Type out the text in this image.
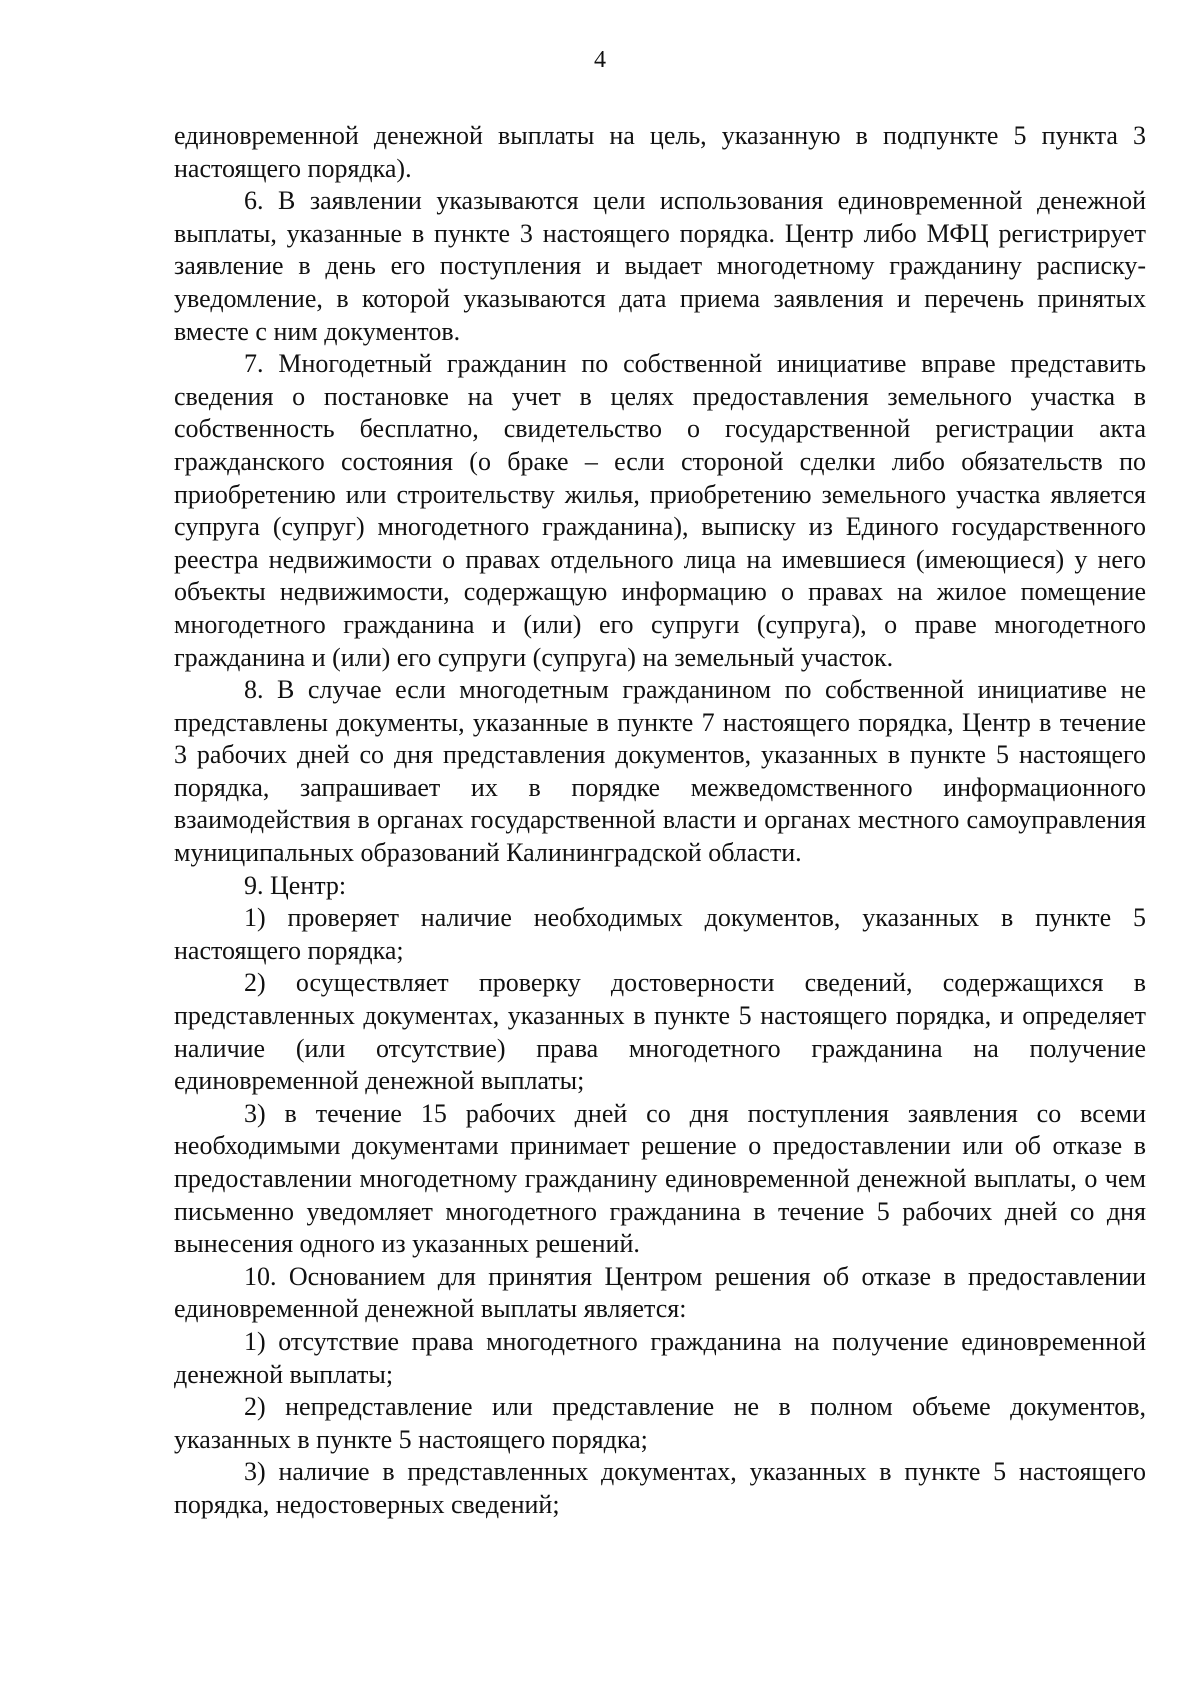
4

единовременной денежной выплаты на цель, указанную в подпункте 5 пункта 3 настоящего порядка).

6. В заявлении указываются цели использования единовременной денежной выплаты, указанные в пункте 3 настоящего порядка. Центр либо МФЦ регистрирует заявление в день его поступления и выдает многодетному гражданину расписку-уведомление, в которой указываются дата приема заявления и перечень принятых вместе с ним документов.

7. Многодетный гражданин по собственной инициативе вправе представить сведения о постановке на учет в целях предоставления земельного участка в собственность бесплатно, свидетельство о государственной регистрации акта гражданского состояния (о браке – если стороной сделки либо обязательств по приобретению или строительству жилья, приобретению земельного участка является супруга (супруг) многодетного гражданина), выписку из Единого государственного реестра недвижимости о правах отдельного лица на имевшиеся (имеющиеся) у него объекты недвижимости, содержащую информацию о правах на жилое помещение многодетного гражданина и (или) его супруги (супруга), о праве многодетного гражданина и (или) его супруги (супруга) на земельный участок.

8. В случае если многодетным гражданином по собственной инициативе не представлены документы, указанные в пункте 7 настоящего порядка, Центр в течение 3 рабочих дней со дня представления документов, указанных в пункте 5 настоящего порядка, запрашивает их в порядке межведомственного информационного взаимодействия в органах государственной власти и органах местного самоуправления муниципальных образований Калининградской области.

9. Центр:

1) проверяет наличие необходимых документов, указанных в пункте 5 настоящего порядка;

2) осуществляет проверку достоверности сведений, содержащихся в представленных документах, указанных в пункте 5 настоящего порядка, и определяет наличие (или отсутствие) права многодетного гражданина на получение единовременной денежной выплаты;

3) в течение 15 рабочих дней со дня поступления заявления со всеми необходимыми документами принимает решение о предоставлении или об отказе в предоставлении многодетному гражданину единовременной денежной выплаты, о чем письменно уведомляет многодетного гражданина в течение 5 рабочих дней со дня вынесения одного из указанных решений.

10. Основанием для принятия Центром решения об отказе в предоставлении единовременной денежной выплаты является:

1) отсутствие права многодетного гражданина на получение единовременной денежной выплаты;

2) непредставление или представление не в полном объеме документов, указанных в пункте 5 настоящего порядка;

3) наличие в представленных документах, указанных в пункте 5 настоящего порядка, недостоверных сведений;
